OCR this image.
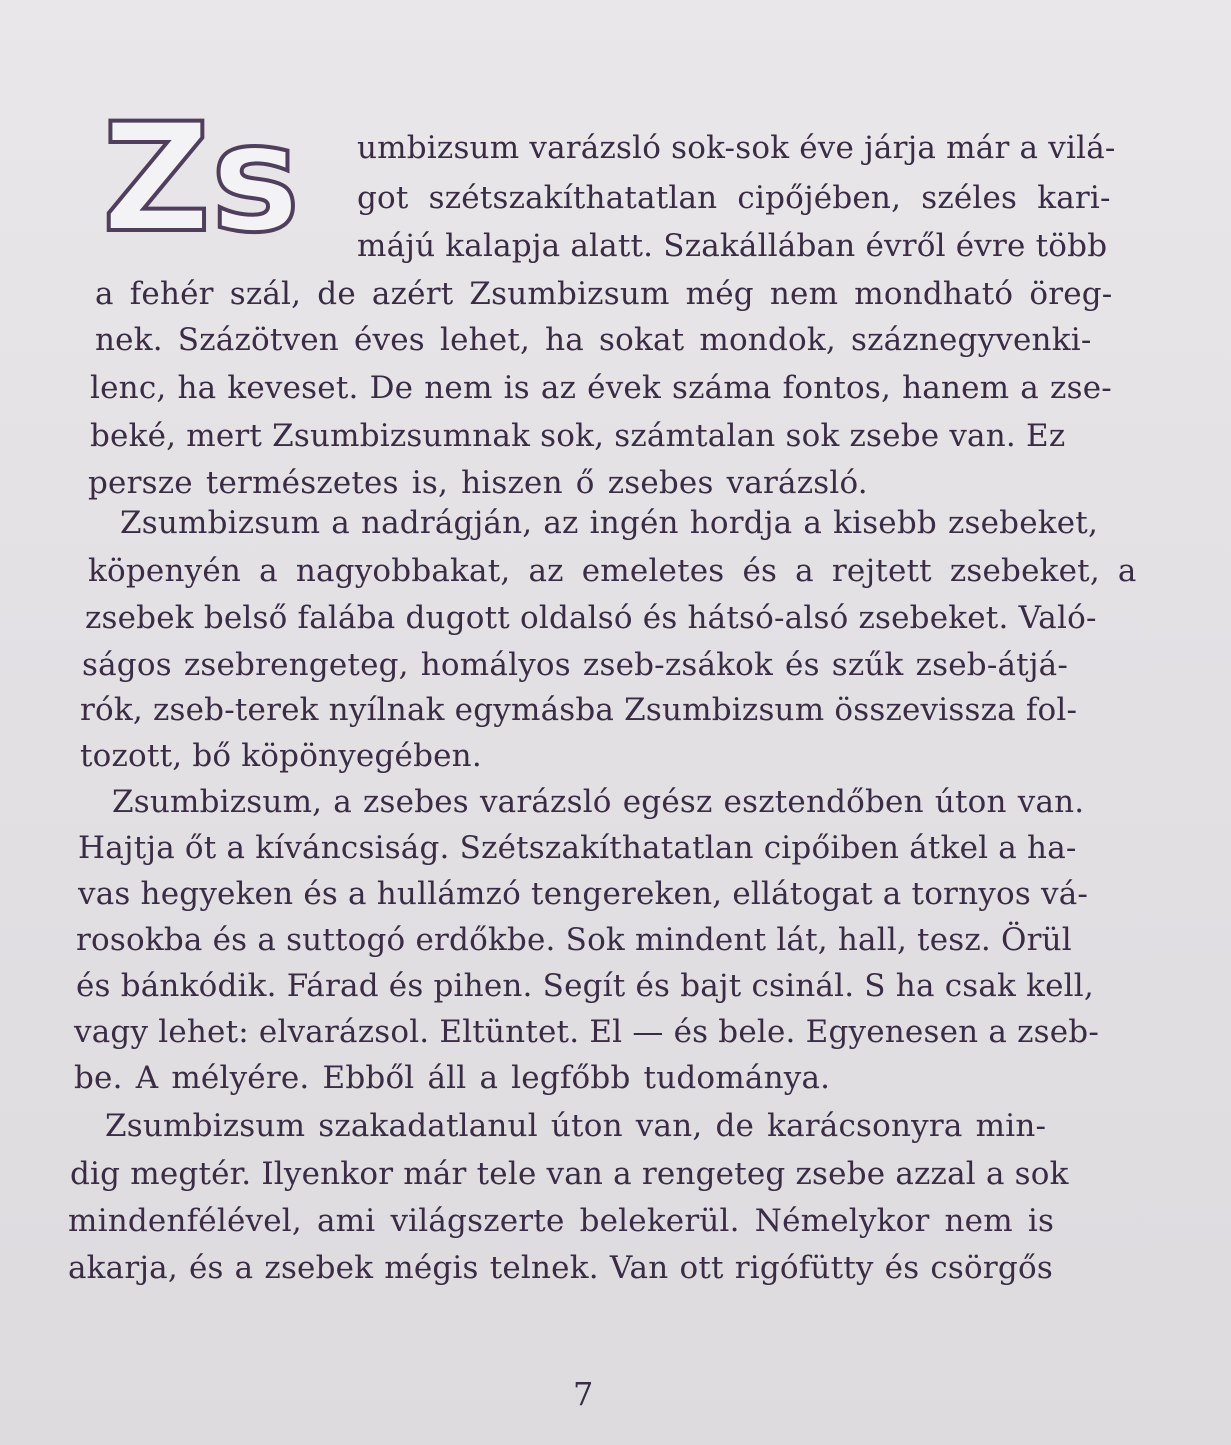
Zs umbizsum varázsló sok-sok éve járja már a vilá-
got szétszakíthatatlan cipőjében, széles kari-
májú kalapja alatt. Szakállában évről évre több
a fehér szál, de azért Zsumbizsum még nem mondható öreg-
nek. Százötven éves lehet, ha sokat mondok, száznegyvenki-
lenc, ha keveset. De nem is az évek száma fontos, hanem a zse-
beké, mert Zsumbizsumnak sok, számtalan sok zsebe van. Ez
persze természetes is, hiszen ő zsebes varázsló.
Zsumbizsum a nadrágján, az ingén hordja a kisebb zsebeket,
köpenyén a nagyobbakat, az emeletes és a rejtett zsebeket, a
zsebek belső falába dugott oldalsó és hátsó-alsó zsebeket. Való-
ságos zsebrengeteg, homályos zseb-zsákok és szűk zseb-átjá-
rók, zseb-terek nyílnak egymásba Zsumbizsum összevissza fol-
tozott, bő köpönyegében.
Zsumbizsum, a zsebes varázsló egész esztendőben úton van.
Hajtja őt a kíváncsiság. Szétszakíthatatlan cipőiben átkel a ha-
vas hegyeken és a hullámzó tengereken, ellátogat a tornyos vá-
rosokba és a suttogó erdőkbe. Sok mindent lát, hall, tesz. Örül
és bánkódik. Fárad és pihen. Segít és bajt csinál. S ha csak kell,
vagy lehet: elvarázsol. Eltüntet. El — és bele. Egyenesen a zseb-
be. A mélyére. Ebből áll a legfőbb tudománya.
Zsumbizsum szakadatlanul úton van, de karácsonyra min-
dig megtér. Ilyenkor már tele van a rengeteg zsebe azzal a sok
mindenfélével, ami világszerte belekerül. Némelykor nem is
akarja, és a zsebek mégis telnek. Van ott rigófütty és csörgős
7
